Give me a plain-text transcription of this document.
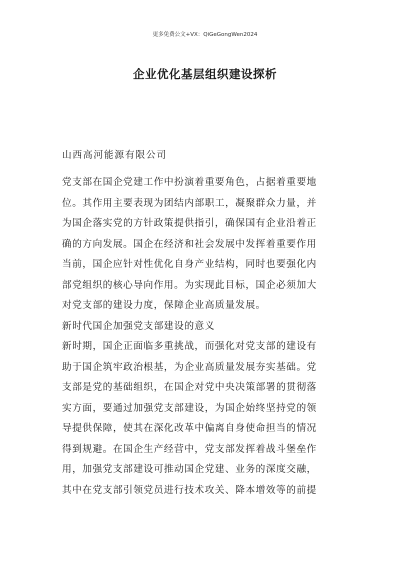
更多免费公文+VX：QiGeGongWen2024
企业优化基层组织建设探析
山西高河能源有限公司
党支部在国企党建工作中扮演着重要角色，占据着重要地
位。其作用主要表现为团结内部职工，凝聚群众力量，并
为国企落实党的方针政策提供指引，确保国有企业沿着正
确的方向发展。国企在经济和社会发展中发挥着重要作用
当前，国企应针对性优化自身产业结构，同时也要强化内
部党组织的核心导向作用。为实现此目标，国企必须加大
对党支部的建设力度，保障企业高质量发展。
新时代国企加强党支部建设的意义
新时期，国企正面临多重挑战，而强化对党支部的建设有
助于国企筑牢政治根基，为企业高质量发展夯实基础。党
支部是党的基础组织，在国企对党中央决策部署的贯彻落
实方面，要通过加强党支部建设，为国企始终坚持党的领
导提供保障，使其在深化改革中偏离自身使命担当的情况
得到规避。在国企生产经营中，党支部发挥着战斗堡垒作
用，加强党支部建设可推动国企党建、业务的深度交融，
其中在党支部引领党员进行技术攻关、降本增效等的前提
